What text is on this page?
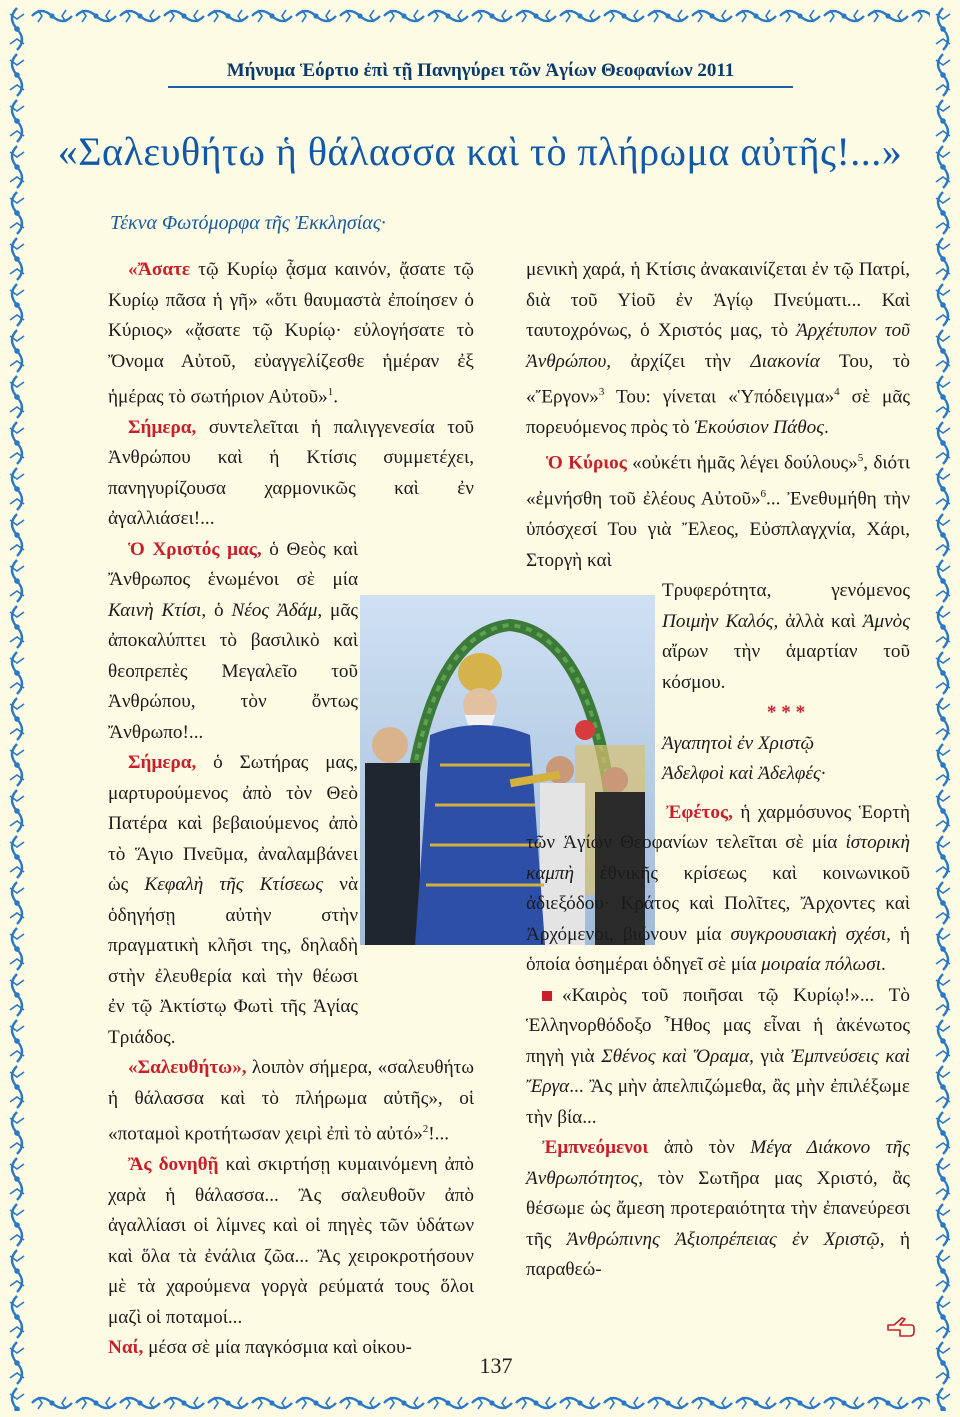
Μήνυμα Ἑόρτιο ἐπὶ τῇ Πανηγύρει τῶν Ἁγίων Θεοφανίων 2011
«Σαλευθήτω ἡ θάλασσα καὶ τὸ πλήρωμα αὐτῆς!...»
Τέκνα Φωτόμορφα τῆς Ἐκκλησίας·

«Ἄσατε τῷ Κυρίῳ ᾆσμα καινόν, ᾄσατε τῷ Κυρίῳ πᾶσα ἡ γῆ» «ὅτι θαυμαστὰ ἐποίησεν ὁ Κύριος» «ᾄσατε τῷ Κυρίῳ· εὐλογήσατε τὸ Ὄνομα Αὐτοῦ, εὐαγγελίζεσθε ἡμέραν ἐξ ἡμέρας τὸ σωτήριον Αὐτοῦ»$^1$.

Σήμερα, συντελεῖται ἡ παλιγγενεσία τοῦ Ἀνθρώπου καὶ ἡ Κτίσις συμμετέχει, πανηγυρίζουσα χαρμονικῶς καὶ ἐν ἀγαλλιάσει!...

Ὁ Χριστός μας, ὁ Θεὸς καὶ Ἄνθρωπος ἑνωμένοι σὲ μία Καινὴ Κτίσι, ὁ Νέος Ἀδάμ, μᾶς ἀποκαλύπτει τὸ βασιλικὸ καὶ θεοπρεπὲς Μεγαλεῖο τοῦ Ἀνθρώπου, τὸν ὄντως Ἄνθρωπο!...

Σήμερα, ὁ Σωτήρας μας, μαρτυρούμενος ἀπὸ τὸν Θεὸ Πατέρα καὶ βεβαιούμενος ἀπὸ τὸ Ἅγιο Πνεῦμα, ἀναλαμβάνει ὡς Κεφαλὴ τῆς Κτίσεως νὰ ὁδηγήσῃ αὐτὴν στὴν πραγματικὴ κλῆσι της, δηλαδὴ στὴν ἐλευθερία καὶ τὴν θέωσι ἐν τῷ Ἀκτίστῳ Φωτὶ τῆς Ἁγίας Τριάδος.

«Σαλευθήτω», λοιπὸν σήμερα, «σαλευθήτω ἡ θάλασσα καὶ τὸ πλήρωμα αὐτῆς», οἱ «ποταμοὶ κροτήτωσαν χειρὶ ἐπὶ τὸ αὐτό»$^2$!...

Ἂς δονηθῇ καὶ σκιρτήσῃ κυμαινόμενη ἀπὸ χαρὰ ἡ θάλασσα... Ἂς σαλευθοῦν ἀπὸ ἀγαλλίασι οἱ λίμνες καὶ οἱ πηγὲς τῶν ὑδάτων καὶ ὅλα τὰ ἐνάλια ζῶα... Ἂς χειροκροτήσουν μὲ τὰ χαρούμενα γοργὰ ρεύματά τους ὅλοι μαζὶ οἱ ποταμοί...

Ναί, μέσα σὲ μία παγκόσμια καὶ οἰκου-

μενικὴ χαρά, ἡ Κτίσις ἀνακαινίζεται ἐν τῷ Πατρί, διὰ τοῦ Υἱοῦ ἐν Ἁγίῳ Πνεύματι... Καὶ ταυτοχρόνως, ὁ Χριστός μας, τὸ Ἀρχέτυπον τοῦ Ἀνθρώπου, ἀρχίζει τὴν Διακονία Του, τὸ «Ἔργον»$^3$ Του: γίνεται «Ὑπόδειγμα»$^4$ σὲ μᾶς πορευόμενος πρὸς τὸ Ἑκούσιον Πάθος.

Ὁ Κύριος «οὐκέτι ἡμᾶς λέγει δούλους»$^5$, διότι «ἐμνήσθη τοῦ ἐλέους Αὐτοῦ»$^6$... Ἐνεθυμήθη τὴν ὑπόσχεσί Του γιὰ Ἔλεος, Εὐσπλαγχνία, Χάρι, Στοργὴ καὶ

Τρυφερότητα, γενόμενος Ποιμὴν Καλός, ἀλλὰ καὶ Ἀμνὸς αἴρων τὴν ἁμαρτίαν τοῦ κόσμου.

* * *

Ἀγαπητοὶ ἐν Χριστῷ

Ἀδελφοὶ καὶ Ἀδελφές·

Ἐφέτος, ἡ χαρμόσυνος Ἑορτὴ τῶν Ἁγίων Θεοφανίων τελεῖται σὲ μία ἱστορικὴ καμπὴ ἐθνικῆς κρίσεως καὶ κοινωνικοῦ ἀδιεξόδου· Κράτος καὶ Πολῖτες, Ἄρχοντες καὶ Ἀρχόμενοι, βιώνουν μία συγκρουσιακὴ σχέσι, ἡ ὁποία ὁσημέραι ὁδηγεῖ σὲ μία μοιραία πόλωσι.

«Καιρὸς τοῦ ποιῆσαι τῷ Κυρίῳ!»... Τὸ Ἑλληνορθόδοξο Ἦθος μας εἶναι ἡ ἀκένωτος πηγὴ γιὰ Σθένος καὶ Ὅραμα, γιὰ Ἐμπνεύσεις καὶ Ἔργα... Ἂς μὴν ἀπελπιζώμεθα, ἂς μὴν ἐπιλέξωμε τὴν βία...

Ἐμπνεόμενοι ἀπὸ τὸν Μέγα Διάκονο τῆς Ἀνθρωπότητος, τὸν Σωτῆρα μας Χριστό, ἂς θέσωμε ὡς ἄμεση προτεραιότητα τὴν ἐπανεύρεσι τῆς Ἀνθρώπινης Ἀξιοπρέπειας ἐν Χριστῷ, ἡ παραθεώ-

137
